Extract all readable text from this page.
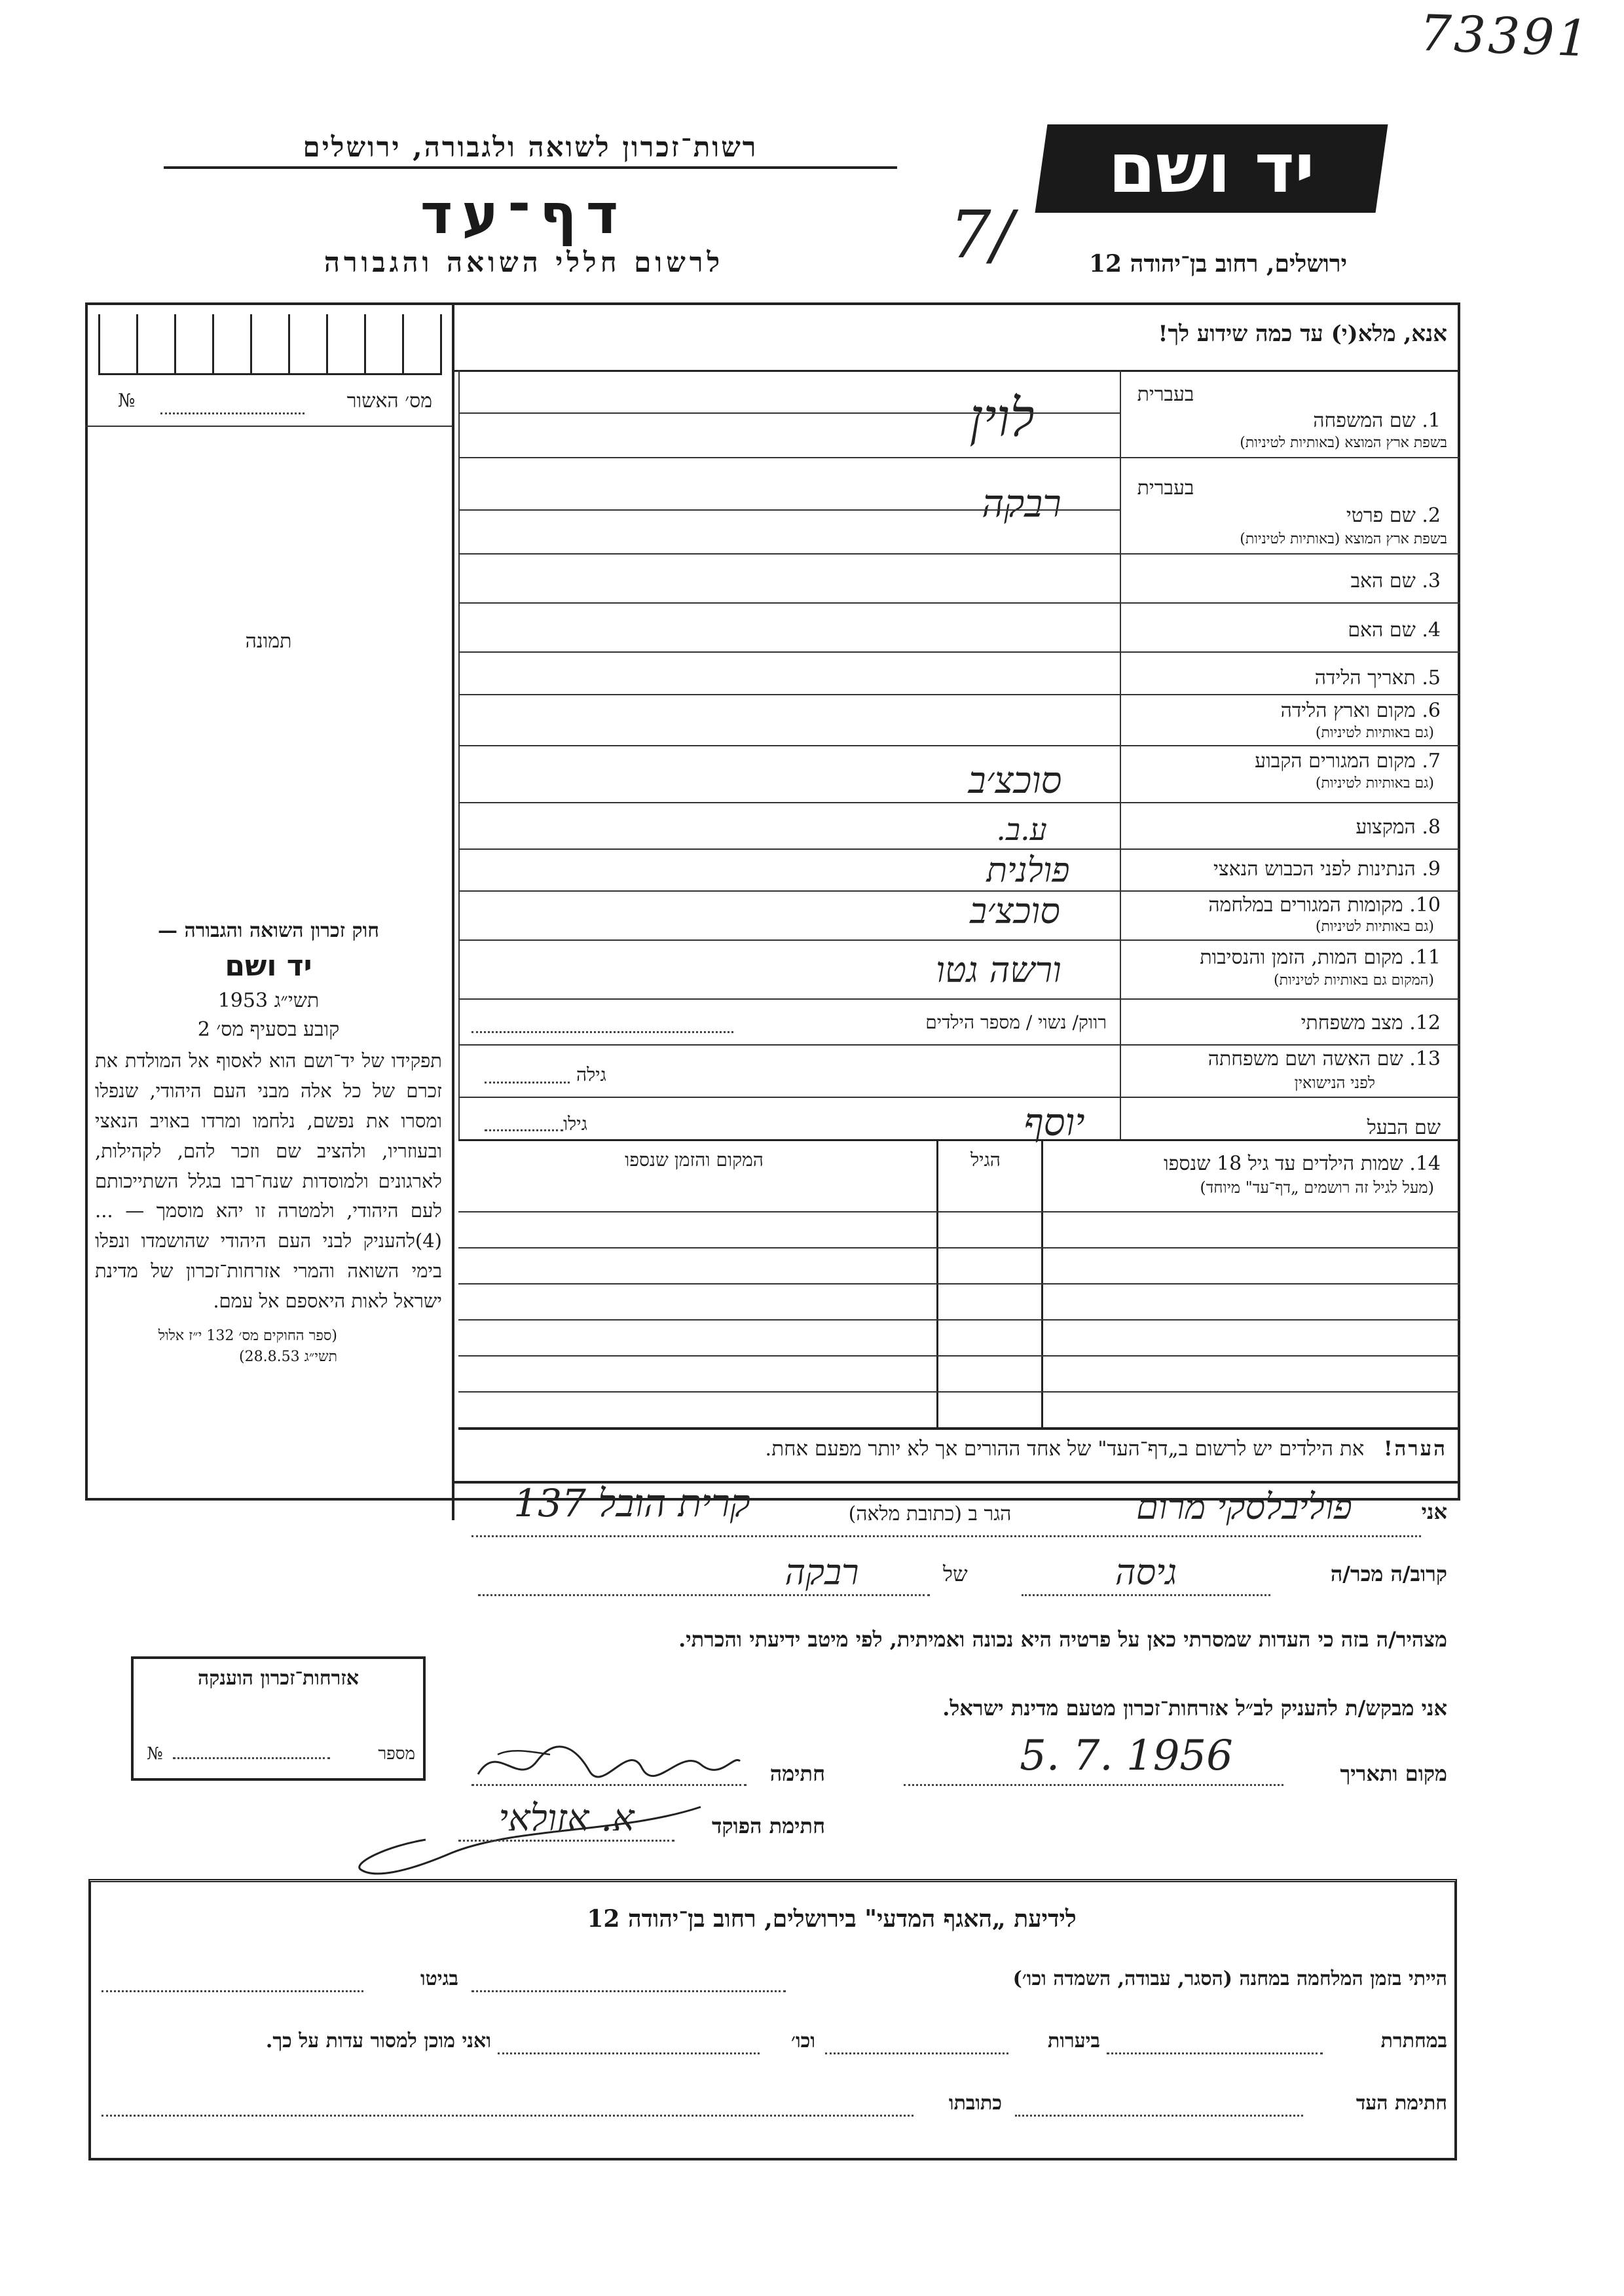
73391
יד ושם
ירושלים, רחוב בן־יהודה 12
רשות־זכרון לשואה ולגבורה, ירושלים
דף־עד
לרשום חללי השואה והגבורה	7/
מס׳ האשור
№
תמונה
אנא, מלא(י) עד כמה שידוע לך!
בעברית
1. שם המשפחה
בשפת ארץ המוצא (באותיות לטיניות)
לוין
בעברית
2. שם פרטי
בשפת ארץ המוצא (באותיות לטיניות)
רבקה
3. שם האב
4. שם האם
5. תאריך הלידה
6. מקום וארץ הלידה
(גם באותיות לטיניות)
7. מקום המגורים הקבוע
(גם באותיות לטיניות)
סוכצ׳ב
8. המקצוע
ע.ב.
9. הנתינות לפני הכבוש הנאצי
פולנית
10. מקומות המגורים במלחמה
(גם באותיות לטיניות)
סוכצ׳ב
11. מקום המות, הזמן והנסיבות
(המקום גם באותיות לטיניות)
ורשה גטו
12. מצב משפחתי
רווק/ נשוי / מספר הילדים
13. שם האשה ושם משפחתה
לפני הנישואין
גילה
שם הבעל
יוסף
גילו
14. שמות הילדים עד גיל 18 שנספו
(מעל לגיל זה רושמים „דף־עד" מיוחד)
הגיל
המקום והזמן שנספו
הערה!   את הילדים יש לרשום ב„דף־העד" של אחד ההורים אך לא יותר מפעם אחת.
חוק זכרון השואה והגבורה —
יד ושם
תשי״ג 1953
קובע בסעיף מס׳ 2
תפקידו של יד־ושם הוא לאסוף אל המולדת את זכרם של כל אלה מבני העם היהודי, שנפלו ומסרו את נפשם, נלחמו ומרדו באויב הנאצי ובעוזריו, ולהציב שם וזכר להם, לקהילות, לארגונים ולמוסדות שנח־רבו בגלל השתייכותם לעם היהודי, ולמטרה זו יהא מוסמך — ...(4)להעניק לבני העם היהודי שהושמדו ונפלו בימי השואה והמרי אזרחות־זכרון של מדינת ישראל לאות היאספם אל עמם.
(ספר החוקים מס׳ 132 י״ז אלול תשי״ג 28.8.53)
אני
פוליבלסקי מרום
הגר ב (כתובת מלאה)
קרית הובל 137
קרוב/ה מכר/ה
גיסה
של
רבקה
מצהיר/ה בזה כי העדות שמסרתי כאן על פרטיה היא נכונה ואמיתית, לפי מיטב ידיעתי והכרתי.
אזרחות־זכרון הוענקה
מספר
№
אני מבקש/ת להעניק לב״ל אזרחות־זכרון מטעם מדינת ישראל.
מקום ותאריך
5. 7. 1956
חתימה
חתימת הפוקד
א. אזולאי
לידיעת „האגף המדעי" בירושלים, רחוב בן־יהודה 12
הייתי בזמן המלחמה במחנה (הסגר, עבודה, השמדה וכו׳)
בגיטו
במחתרת
ביערות
וכו׳
ואני מוכן למסור עדות על כך.
חתימת העד
כתובתו
